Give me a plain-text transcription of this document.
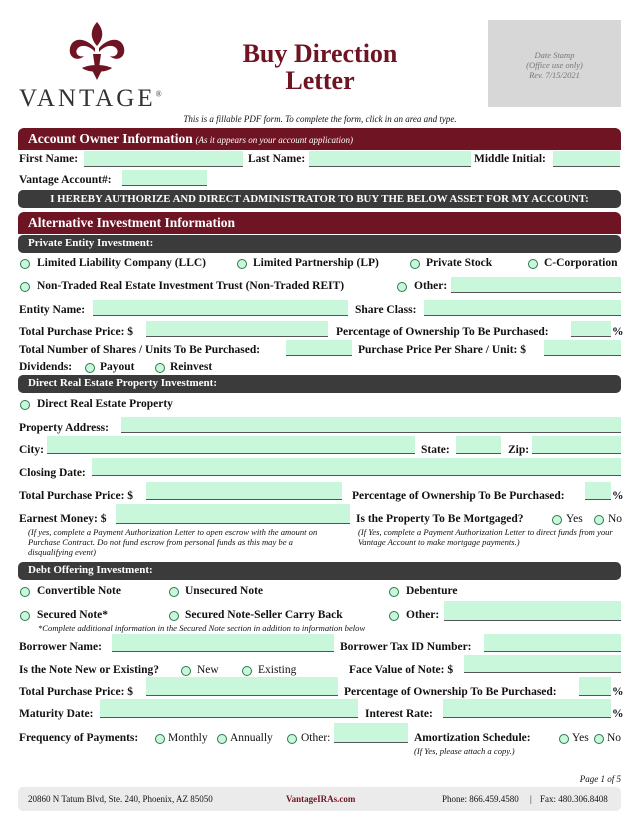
VANTAGE®
Buy Direction
Letter
Date Stamp
(Office use only)
Rev. 7/15/2021
This is a fillable PDF form. To complete the form, click in an area and type.
Account Owner Information (As it appears on your account application)
First Name:	Last Name:	Middle Initial:
Vantage Account#:
I HEREBY AUTHORIZE AND DIRECT ADMINISTRATOR TO BUY THE BELOW ASSET FOR MY ACCOUNT:
Alternative Investment Information
Private Entity Investment:
Limited Liability Company (LLC)	Limited Partnership (LP)	Private Stock	C-Corporation
Non-Traded Real Estate Investment Trust (Non-Traded REIT)	Other:
Entity Name:	Share Class:
Total Purchase Price: $	Percentage of Ownership To Be Purchased:	%
Total Number of Shares / Units To Be Purchased:	Purchase Price Per Share / Unit: $
Dividends: Payout	Reinvest
Direct Real Estate Property Investment:
Direct Real Estate Property
Property Address:
City:	State:	Zip:
Closing Date:
Total Purchase Price: $	Percentage of Ownership To Be Purchased:	%
Earnest Money: $
(If yes, complete a Payment Authorization Letter to open escrow with the amount on Purchase Contract. Do not fund escrow from personal funds as this may be a disqualifying event)
Is the Property To Be Mortgaged?	Yes No
(If Yes, complete a Payment Authorization Letter to direct funds from your Vantage Account to make mortgage payments.)
Debt Offering Investment:
Convertible Note	Unsecured Note	Debenture
Secured Note*	Secured Note-Seller Carry Back	Other:
*Complete additional information in the Secured Note section in addition to information below
Borrower Name:	Borrower Tax ID Number:
Is the Note New or Existing?	New	Existing	Face Value of Note: $
Total Purchase Price: $	Percentage of Ownership To Be Purchased:	%
Maturity Date:	Interest Rate:	%
Frequency of Payments:	Monthly Annually Other:	Amortization Schedule:	Yes No
(If Yes, please attach a copy.)
Page 1 of 5
20860 N Tatum Blvd, Ste. 240, Phoenix, AZ 85050	VantageIRAs.com	Phone: 866.459.4580 | Fax: 480.306.8408
